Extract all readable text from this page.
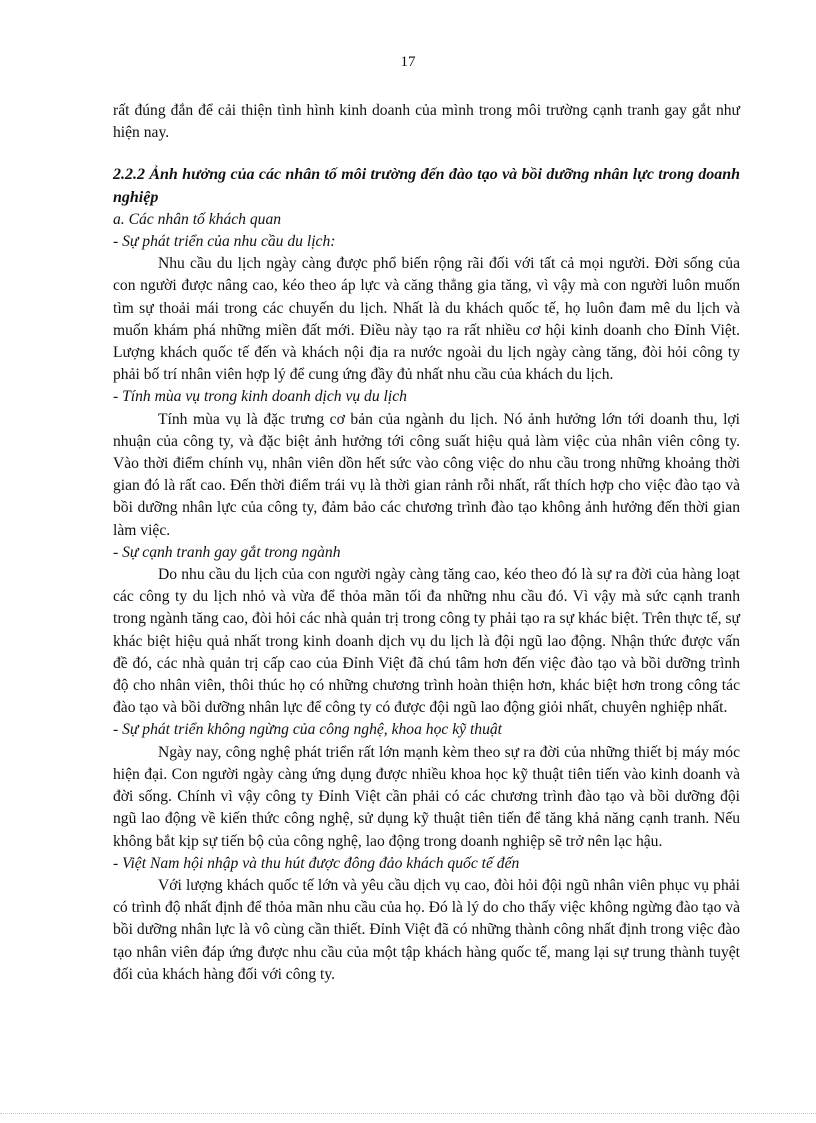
17

rất đúng đắn để cải thiện tình hình kinh doanh của mình trong môi trường cạnh tranh gay gắt như hiện nay.

2.2.2 Ảnh hưởng của các nhân tố môi trường đến đào tạo và bồi dưỡng nhân lực trong doanh nghiệp

a. Các nhân tố khách quan

- Sự phát triển của nhu cầu du lịch:

Nhu cầu du lịch ngày càng được phổ biến rộng rãi đối với tất cả mọi người. Đời sống của con người được nâng cao, kéo theo áp lực và căng thẳng gia tăng, vì vậy mà con người luôn muốn tìm sự thoải mái trong các chuyến du lịch. Nhất là du khách quốc tế, họ luôn đam mê du lịch và muốn khám phá những miền đất mới. Điều này tạo ra rất nhiều cơ hội kinh doanh cho Đỉnh Việt. Lượng khách quốc tế đến và khách nội địa ra nước ngoài du lịch ngày càng tăng, đòi hỏi công ty phải bố trí nhân viên hợp lý để cung ứng đầy đủ nhất nhu cầu của khách du lịch.

- Tính mùa vụ trong kinh doanh dịch vụ du lịch

Tính mùa vụ là đặc trưng cơ bản của ngành du lịch. Nó ảnh hưởng lớn tới doanh thu, lợi nhuận của công ty, và đặc biệt ảnh hưởng tới công suất hiệu quả làm việc của nhân viên công ty. Vào thời điểm chính vụ, nhân viên dồn hết sức vào công việc do nhu cầu trong những khoảng thời gian đó là rất cao. Đến thời điểm trái vụ là thời gian rảnh rỗi nhất, rất thích hợp cho việc đào tạo và bồi dưỡng nhân lực của công ty, đảm bảo các chương trình đào tạo không ảnh hưởng đến thời gian làm việc.

- Sự cạnh tranh gay gắt trong ngành

Do nhu cầu du lịch của con người ngày càng tăng cao, kéo theo đó là sự ra đời của hàng loạt các công ty du lịch nhỏ và vừa để thỏa mãn tối đa những nhu cầu đó. Vì vậy mà sức cạnh tranh trong ngành tăng cao, đòi hỏi các nhà quản trị trong công ty phải tạo ra sự khác biệt. Trên thực tế, sự khác biệt hiệu quả nhất trong kinh doanh dịch vụ du lịch là đội ngũ lao động. Nhận thức được vấn đề đó, các nhà quản trị cấp cao của Đỉnh Việt đã chú tâm hơn đến việc đào tạo và bồi dưỡng trình độ cho nhân viên, thôi thúc họ có những chương trình hoàn thiện hơn, khác biệt hơn trong công tác đào tạo và bồi dưỡng nhân lực để công ty có được đội ngũ lao động giỏi nhất, chuyên nghiệp nhất.

- Sự phát triển không ngừng của công nghệ, khoa học kỹ thuật

Ngày nay, công nghệ phát triển rất lớn mạnh kèm theo sự ra đời của những thiết bị máy móc hiện đại. Con người ngày càng ứng dụng được nhiều khoa học kỹ thuật tiên tiến vào kinh doanh và đời sống. Chính vì vậy công ty Đỉnh Việt cần phải có các chương trình đào tạo và bồi dưỡng đội ngũ lao động về kiến thức công nghệ, sử dụng kỹ thuật tiên tiến để tăng khả năng cạnh tranh. Nếu không bắt kịp sự tiến bộ của công nghệ, lao động trong doanh nghiệp sẽ trở nên lạc hậu.

- Việt Nam hội nhập và thu hút được đông đảo khách quốc tế đến

Với lượng khách quốc tế lớn và yêu cầu dịch vụ cao, đòi hỏi đội ngũ nhân viên phục vụ phải có trình độ nhất định để thỏa mãn nhu cầu của họ. Đó là lý do cho thấy việc không ngừng đào tạo và bồi dưỡng nhân lực là vô cùng cần thiết. Đỉnh Việt đã có những thành công nhất định trong việc đào tạo nhân viên đáp ứng được nhu cầu của một tập khách hàng quốc tế, mang lại sự trung thành tuyệt đối của khách hàng đối với công ty.
